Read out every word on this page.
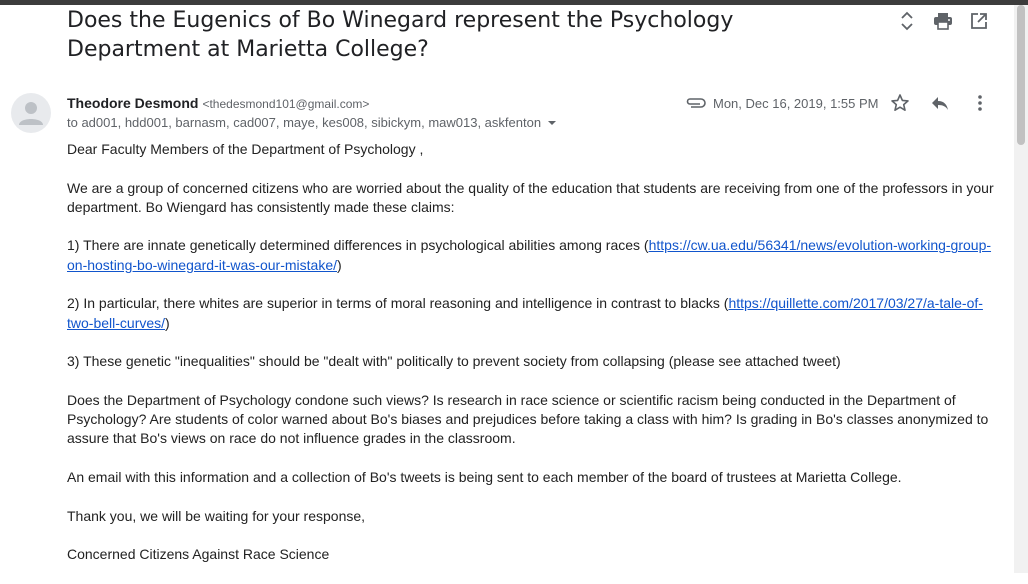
Does the Eugenics of Bo Winegard represent the Psychology Department at Marietta College?
Theodore Desmond <thedesmond101@gmail.com>
to ad001, hdd001, barnasm, cad007, maye, kes008, sibickym, maw013, askfenton
Mon, Dec 16, 2019, 1:55 PM

Dear Faculty Members of the Department of Psychology ,

We are a group of concerned citizens who are worried about the quality of the education that students are receiving from one of the professors in your department. Bo Wiengard has consistently made these claims:

1) There are innate genetically determined differences in psychological abilities among races (https://cw.ua.edu/56341/news/evolution-working-group-on-hosting-bo-winegard-it-was-our-mistake/)

2) In particular, there whites are superior in terms of moral reasoning and intelligence in contrast to blacks (https://quillette.com/2017/03/27/a-tale-of-two-bell-curves/)

3) These genetic "inequalities" should be "dealt with" politically to prevent society from collapsing (please see attached tweet)

Does the Department of Psychology condone such views? Is research in race science or scientific racism being conducted in the Department of Psychology? Are students of color warned about Bo's biases and prejudices before taking a class with him? Is grading in Bo's classes anonymized to assure that Bo's views on race do not influence grades in the classroom.

An email with this information and a collection of Bo's tweets is being sent to each member of the board of trustees at Marietta College.

Thank you, we will be waiting for your response,

Concerned Citizens Against Race Science
